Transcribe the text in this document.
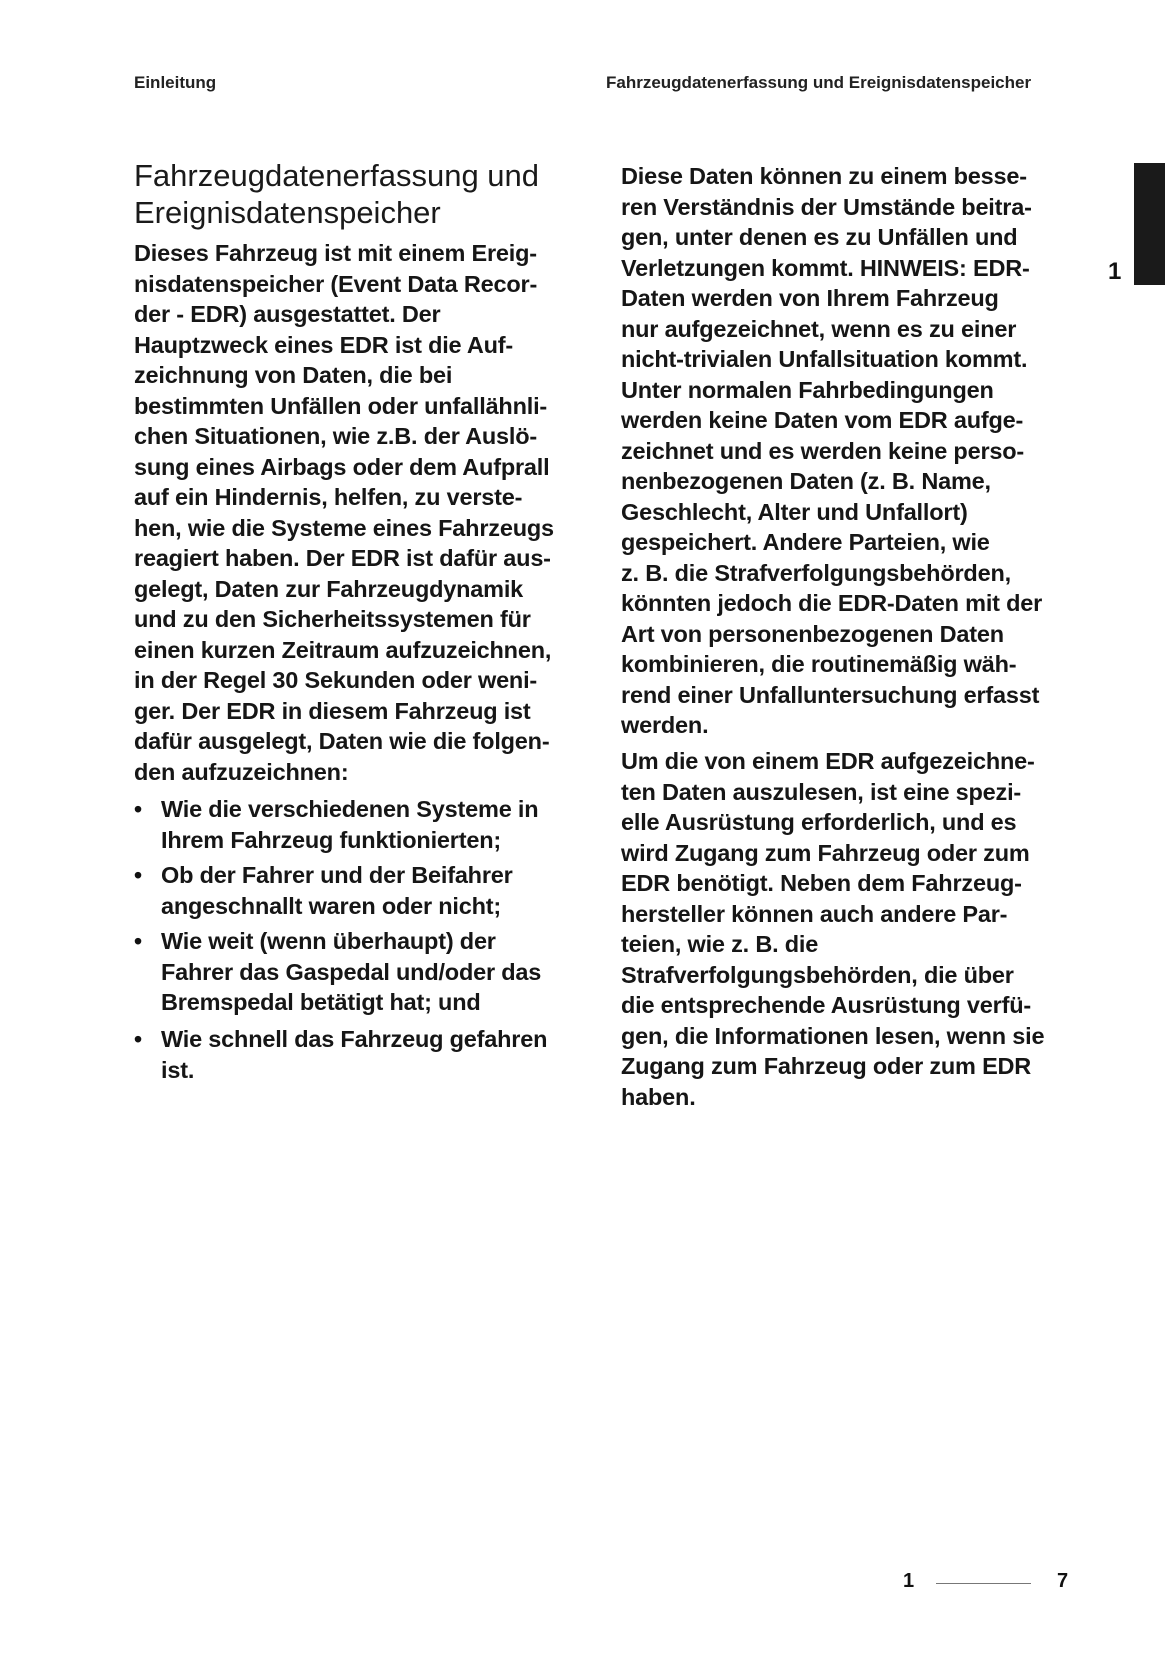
Einleitung	Fahrzeugdatenerfassung und Ereignisdatenspeicher
1
Fahrzeugdatenerfassung und
Ereignisdatenspeicher
Dieses Fahrzeug ist mit einem Ereig-
nisdatenspeicher (Event Data Recor-
der - EDR) ausgestattet. Der
Hauptzweck eines EDR ist die Auf-
zeichnung von Daten, die bei
bestimmten Unfällen oder unfallähnli-
chen Situationen, wie z.B. der Auslö-
sung eines Airbags oder dem Aufprall
auf ein Hindernis, helfen, zu verste-
hen, wie die Systeme eines Fahrzeugs
reagiert haben. Der EDR ist dafür aus-
gelegt, Daten zur Fahrzeugdynamik
und zu den Sicherheitssystemen für
einen kurzen Zeitraum aufzuzeichnen,
in der Regel 30 Sekunden oder weni-
ger. Der EDR in diesem Fahrzeug ist
dafür ausgelegt, Daten wie die folgen-
den aufzuzeichnen:
• Wie die verschiedenen Systeme in
Ihrem Fahrzeug funktionierten;
• Ob der Fahrer und der Beifahrer
angeschnallt waren oder nicht;
• Wie weit (wenn überhaupt) der
Fahrer das Gaspedal und/oder das
Bremspedal betätigt hat; und
• Wie schnell das Fahrzeug gefahren
ist.
Diese Daten können zu einem besse-
ren Verständnis der Umstände beitra-
gen, unter denen es zu Unfällen und
Verletzungen kommt. HINWEIS: EDR-
Daten werden von Ihrem Fahrzeug
nur aufgezeichnet, wenn es zu einer
nicht-trivialen Unfallsituation kommt.
Unter normalen Fahrbedingungen
werden keine Daten vom EDR aufge-
zeichnet und es werden keine perso-
nenbezogenen Daten (z. B. Name,
Geschlecht, Alter und Unfallort)
gespeichert. Andere Parteien, wie
z. B. die Strafverfolgungsbehörden,
könnten jedoch die EDR-Daten mit der
Art von personenbezogenen Daten
kombinieren, die routinemäßig wäh-
rend einer Unfalluntersuchung erfasst
werden.
Um die von einem EDR aufgezeichne-
ten Daten auszulesen, ist eine spezi-
elle Ausrüstung erforderlich, und es
wird Zugang zum Fahrzeug oder zum
EDR benötigt. Neben dem Fahrzeug-
hersteller können auch andere Par-
teien, wie z. B. die
Strafverfolgungsbehörden, die über
die entsprechende Ausrüstung verfü-
gen, die Informationen lesen, wenn sie
Zugang zum Fahrzeug oder zum EDR
haben.
1	7
